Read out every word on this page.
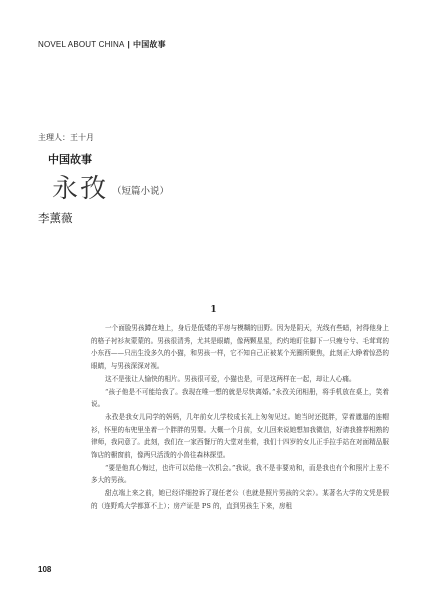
NOVEL ABOUT CHINA | 中国故事
主理人：王十月
中国故事
永孜 （短篇小说）
李薰薇
1

一个面脸男孩蹲在地上，身后是低矮的平房与模糊的田野。因为是阴天，光线有些暗，衬得他身上的格子衬衫灰蒙蒙的。男孩很清秀，尤其是眼睛，像两颗星星，灼灼地盯住脚下一只瘦兮兮、毛茸茸的小东西——只出生没多久的小猫，和男孩一样，它不知自己正被某个光圈所聚焦，此刻正大睁着惊恐的眼睛，与男孩深深对视。

这不是张让人愉快的相片。男孩很可爱，小猫也是，可是这两样在一起，却让人心痛。

“孩子他是不可能给我了。我现在唯一想的就是尽快离婚。”永孜关闭相册，将手机放在桌上，笑着说。

永孜是我女儿同学的妈妈，几年前女儿学校成长礼上匆匆见过。她当时还挺胖，穿着邋遢的连帽衫，怀里的布兜里坐着一个胖胖的男婴。大概一个月前，女儿回来说她想加我微信，好请我推荐相熟的律师，我同意了。此刻，我们在一家西餐厅的大堂对坐着，我们十四岁的女儿正手拉手站在对面精品服饰店的橱窗前，像两只活泼的小兽往森林探望。

“要是他真心悔过，也许可以给他一次机会。”我说，我不是非要劝和，而是我也有个和照片上差不多大的男孩。

甜点端上来之前，她已经详细控诉了现任老公（也就是照片男孩的父亲）。某著名大学的文凭是假的（连野鸡大学都算不上）；房产证是 PS 的，直到男孩生下来，房租

108
